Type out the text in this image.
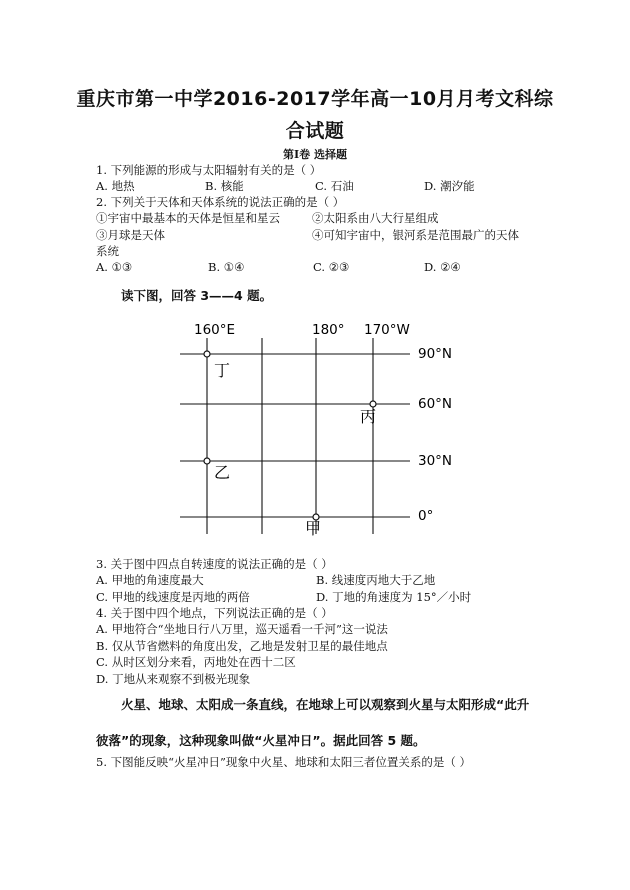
重庆市第一中学2016-2017学年高一10月月考文科综
合试题
第Ⅰ卷 选择题
1. 下列能源的形成与太阳辐射有关的是（ ）
A. 地热	B. 核能	C. 石油	D. 潮汐能
2. 下列关于天体和天体系统的说法正确的是（ ）
①宇宙中最基本的天体是恒星和星云	②太阳系由八大行星组成
③月球是天体	④可知宇宙中，银河系是范围最广的天体
系统
A. ①③	B. ①④	C. ②③	D. ②④
读下图，回答 3——4 题。
160°E	180° 170°W
90°N
60°N
30°N
0°
丁
丙
乙
甲
3. 关于图中四点自转速度的说法正确的是（ ）
A. 甲地的角速度最大	B. 线速度丙地大于乙地
C. 甲地的线速度是丙地的两倍	D. 丁地的角速度为 15°／小时
4. 关于图中四个地点，下列说法正确的是（ ）
A. 甲地符合“坐地日行八万里，巡天遥看一千河”这一说法
B. 仅从节省燃料的角度出发，乙地是发射卫星的最佳地点
C. 从时区划分来看，丙地处在西十二区
D. 丁地从来观察不到极光现象
火星、地球、太阳成一条直线，在地球上可以观察到火星与太阳形成“此升
彼落”的现象，这种现象叫做“火星冲日”。据此回答 5 题。
5. 下图能反映“火星冲日”现象中火星、地球和太阳三者位置关系的是（ ）
